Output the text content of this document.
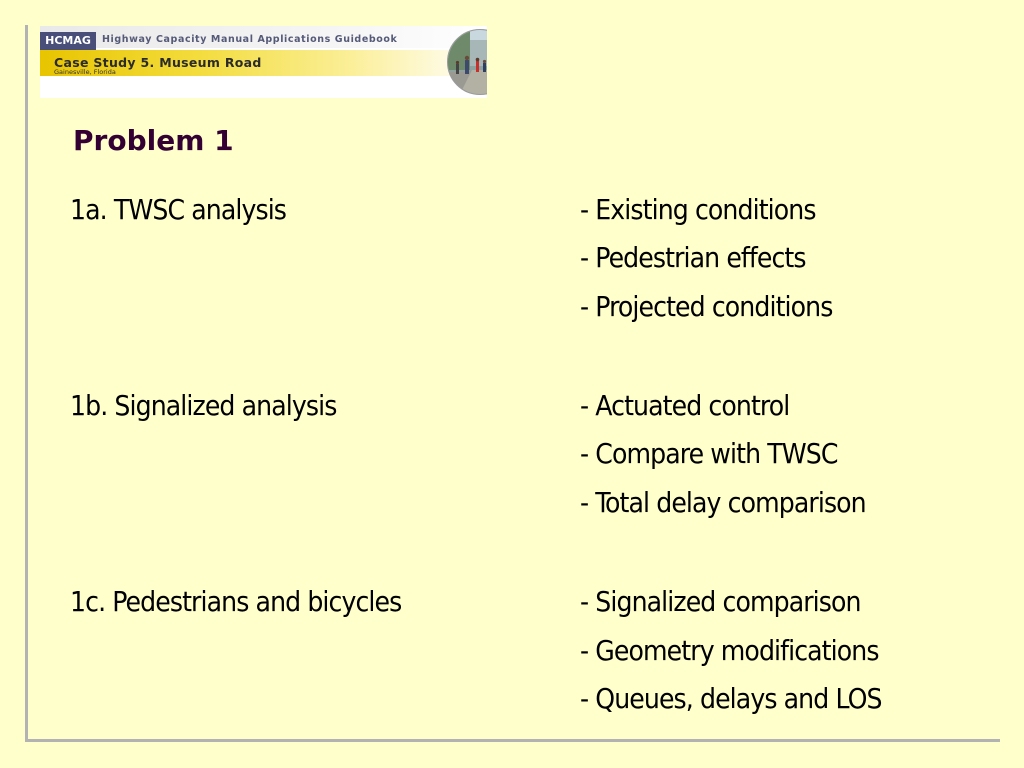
HCMAG	Highway Capacity Manual Applications Guidebook
Case Study 5. Museum Road
Gainesville, Florida
Problem 1
1a. TWSC analysis	- Existing conditions
- Pedestrian effects
- Projected conditions
1b. Signalized analysis	- Actuated control
- Compare with TWSC
- Total delay comparison
1c. Pedestrians and bicycles	- Signalized comparison
- Geometry modifications
- Queues, delays and LOS
